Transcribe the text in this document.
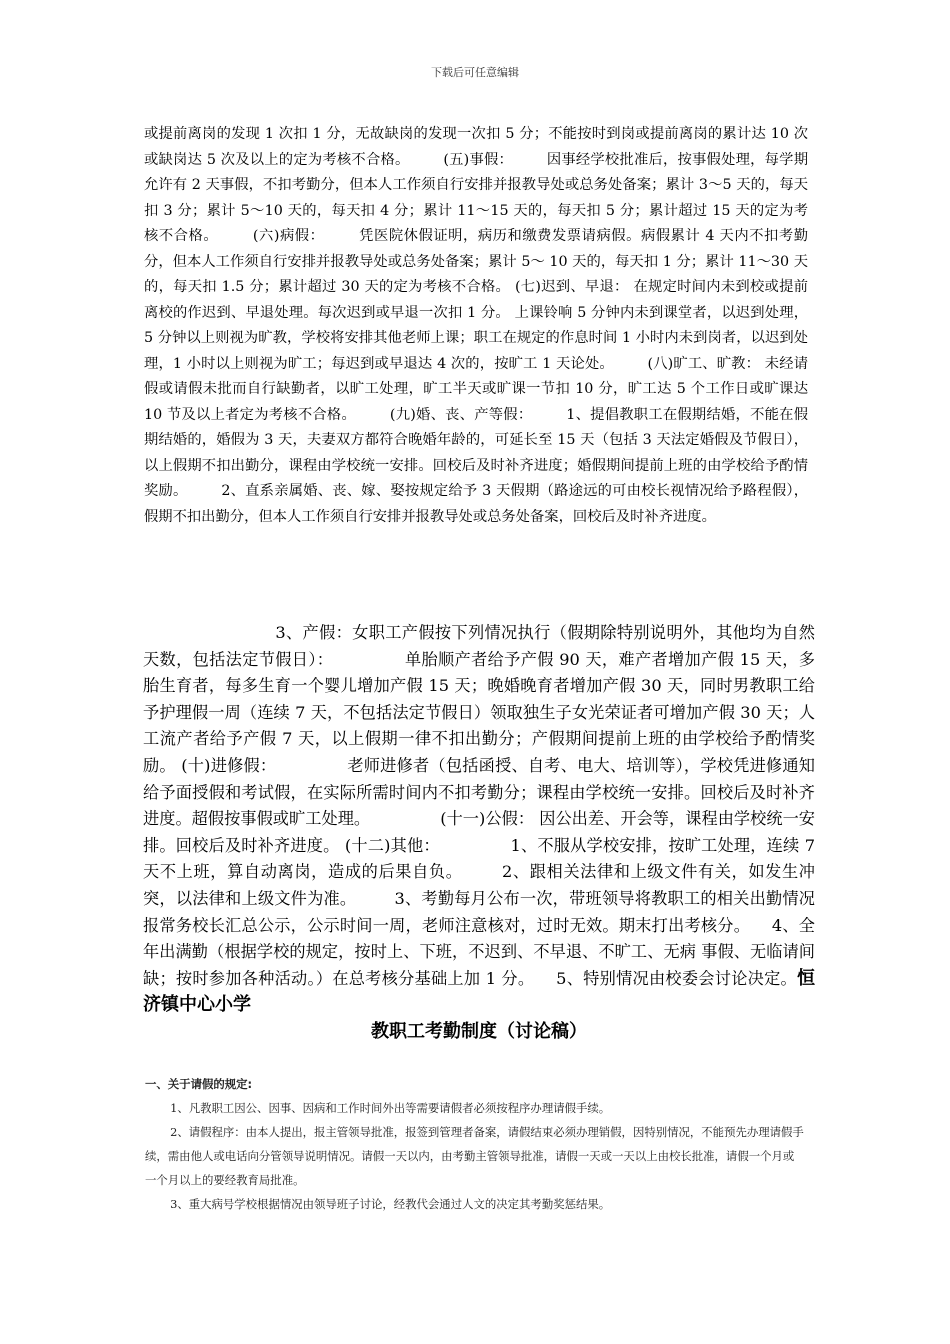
下载后可任意编辑
或提前离岗的发现 1 次扣 1 分，无故缺岗的发现一次扣 5 分；不能按时到岗或提前离岗的累计达 10 次或缺岗达 5 次及以上的定为考核不合格。 　　(五)事假： 　　因事经学校批准后，按事假处理，每学期允许有 2 天事假，不扣考勤分，但本人工作须自行安排并报教导处或总务处备案；累计 3～5 天的，每天扣 3 分；累计 5～10 天的，每天扣 4 分；累计 11～15 天的，每天扣 5 分；累计超过 15 天的定为考核不合格。 　　(六)病假： 　　凭医院休假证明，病历和缴费发票请病假。病假累计 4 天内不扣考勤分，但本人工作须自行安排并报教导处或总务处备案；累计 5～ 10 天的，每天扣 1 分；累计 11～30 天的，每天扣 1.5 分；累计超过 30 天的定为考核不合格。 (七)迟到、早退： 在规定时间内未到校或提前离校的作迟到、早退处理。每次迟到或早退一次扣 1 分。 上课铃响 5 分钟内未到课堂者，以迟到处理，5 分钟以上则视为旷教，学校将安排其他老师上课；职工在规定的作息时间 1 小时内未到岗者，以迟到处理，1 小时以上则视为旷工；每迟到或早退达 4 次的，按旷工 1 天论处。 　　(八)旷工、旷教： 未经请假或请假未批而自行缺勤者，以旷工处理，旷工半天或旷课一节扣 10 分，旷工达 5 个工作日或旷课达 10 节及以上者定为考核不合格。 　　(九)婚、丧、产等假： 　　1、提倡教职工在假期结婚，不能在假期结婚的，婚假为 3 天，夫妻双方都符合晚婚年龄的，可延长至 15 天（包括 3 天法定婚假及节假日），以上假期不扣出勤分，课程由学校统一安排。回校后及时补齐进度；婚假期间提前上班的由学校给予酌情奖励。 　　2、直系亲属婚、丧、嫁、娶按规定给予 3 天假期（路途远的可由校长视情况给予路程假），假期不扣出勤分，但本人工作须自行安排并报教导处或总务处备案，回校后及时补齐进度。
　　　　　　　　3、产假：女职工产假按下列情况执行（假期除特别说明外，其他均为自然天数，包括法定节假日）： 　　　　单胎顺产者给予产假 90 天，难产者增加产假 15 天，多胎生育者，每多生育一个婴儿增加产假 15 天；晚婚晚育者增加产假 30 天，同时男教职工给予护理假一周（连续 7 天，不包括法定节假日）领取独生子女光荣证者可增加产假 30 天；人工流产者给予产假 7 天，以上假期一律不扣出勤分；产假期间提前上班的由学校给予酌情奖励。 (十)进修假： 　　　　老师进修者（包括函授、自考、电大、培训等），学校凭进修通知给予面授假和考试假，在实际所需时间内不扣考勤分；课程由学校统一安排。回校后及时补齐进度。超假按事假或旷工处理。 　　　　(十一)公假： 因公出差、开会等，课程由学校统一安排。回校后及时补齐进度。 (十二)其他： 　　　　1、不服从学校安排，按旷工处理，连续 7 天不上班，算自动离岗，造成的后果自负。 　　2、跟相关法律和上级文件有关，如发生冲突，以法律和上级文件为准。 　　3、考勤每月公布一次，带班领导将教职工的相关出勤情况报常务校长汇总公示，公示时间一周，老师注意核对，过时无效。期末打出考核分。 　4、全年出满勤（根据学校的规定，按时上、下班，不迟到、不早退、不旷工、无病 事假、无临请间缺；按时参加各种活动。）在总考核分基础上加 1 分。 　5、特别情况由校委会讨论决定。恒济镇中心小学
教职工考勤制度（讨论稿）

一、关于请假的规定:

1、凡教职工因公、因事、因病和工作时间外出等需要请假者必须按程序办理请假手续。

2、请假程序：由本人提出，报主管领导批准，报签到管理者备案，请假结束必须办理销假，因特别情况，不能预先办理请假手续，需由他人或电话向分管领导说明情况。请假一天以内，由考勤主管领导批准，请假一天或一天以上由校长批准，请假一个月或一个月以上的要经教育局批准。

3、重大病号学校根据情况由领导班子讨论，经教代会通过人文的决定其考勤奖惩结果。
